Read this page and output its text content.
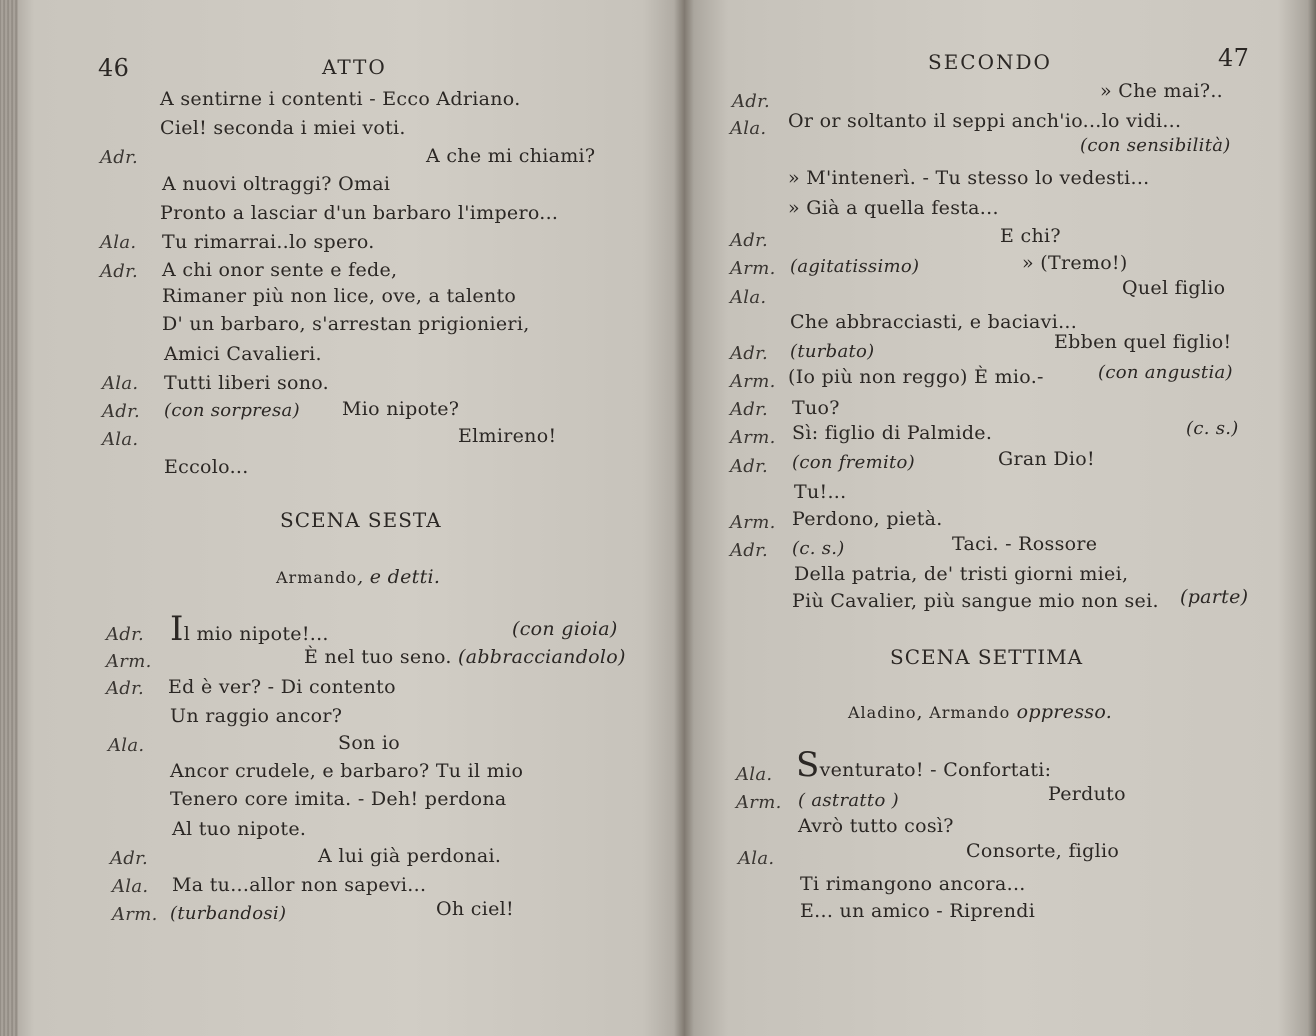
46	ATTO
A sentirne i contenti - Ecco Adriano.
Ciel! seconda i miei voti.
Adr.	A che mi chiami?
A nuovi oltraggi? Omai
Pronto a lasciar d'un barbaro l'impero...
Ala. Tu rimarrai..lo spero.
Adr. A chi onor sente e fede,
Rimaner più non lice, ove, a talento
D' un barbaro, s'arrestan prigionieri,
Amici Cavalieri.
Ala. Tutti liberi sono.
Adr. (con sorpresa) Mio nipote?
Ala.	Elmireno!
Eccolo...
SCENA SESTA
Armando, e detti.
Adr. Il mio nipote!...	(con gioia)
Arm.	È nel tuo seno. (abbracciandolo)
Adr. Ed è ver? - Di contento
Un raggio ancor?
Ala.	Son io
Ancor crudele, e barbaro? Tu il mio
Tenero core imita. - Deh! perdona
Al tuo nipote.
Adr.	A lui già perdonai.
Ala. Ma tu...allor non sapevi...
Arm. (turbandosi)	Oh ciel!
SECONDO	47
Adr.	» Che mai?..
Ala. Or or soltanto il seppi anch'io...lo vidi...
(con sensibilità)
» M'intenerì. - Tu stesso lo vedesti...
» Già a quella festa...
Adr.	E chi?
Arm. (agitatissimo)	» (Tremo!)
Ala.	Quel figlio
Che abbracciasti, e baciavi...
Adr. (turbato)	Ebben quel figlio!
Arm. (Io più non reggo) È mio.-	(con angustia)
Adr. Tuo?
Arm. Sì: figlio di Palmide.	(c. s.)
Adr. (con fremito)	Gran Dio!
Tu!...
Arm. Perdono, pietà.
Adr. (c. s.)	Taci. - Rossore
Della patria, de' tristi giorni miei,
Più Cavalier, più sangue mio non sei. (parte)
SCENA SETTIMA
Aladino, Armando oppresso.
Ala. Sventurato! - Confortati:
Arm. ( astratto )	Perduto
Avrò tutto così?
Ala.	Consorte, figlio
Ti rimangono ancora...
E... un amico - Riprendi
